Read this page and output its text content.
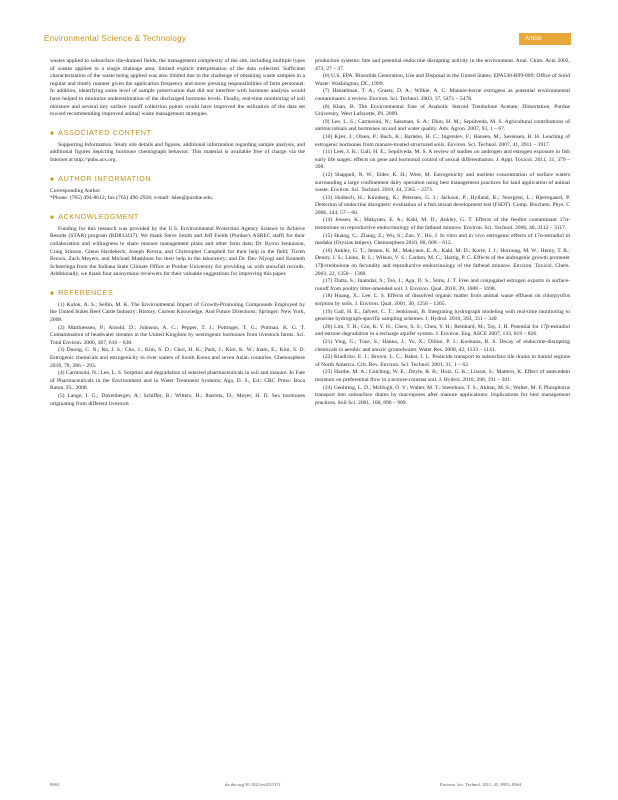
Environmental Science & Technology	Article

wastes applied to subsurface tile-drained fields, the management complexity of the site, including multiple types of wastes applied to a single drainage area, limited explicit interpretation of the data collected. Sufficient characterization of the waste being applied was also limited due to the challenge of obtaining waste samples in a regular and timely manner given the application frequency and more pressing responsibilities of farm personnel. In addition, identifying some level of sample preservation that did not interfere with hormone analysis would have helped to minimize underestimation of the discharged hormone levels. Finally, real-time monitoring of soil moisture and several key surface runoff collection points would have improved the utilization of the data set toward recommending improved animal waste management strategies.

■ ASSOCIATED CONTENT

Supporting Information. Study site details and figures, additional information regarding sample analysis, and additional figures depicting hormone chemograph behavior. This material is available free of charge via the Internet at http://pubs.acs.org.

■ AUTHOR INFORMATION

Corresponding Author

*Phone: (765) 494-8612; fax (765) 496-2926; e-mail: lslee@purdue.edu.

■ ACKNOWLEDGMENT

Funding for this research was provided by the U.S. Environmental Protection Agency Science to Achieve Results (STAR) program (RD833417). We thank Steve Smith and Jeff Fields (Purdue's ASREC staff) for their collaboration and willingness to share manure management plans and other farm data; Dr. Byron Jenkinson, Craig Stinson, Glenn Hardebeck, Joseph Rivera, and Christopher Campbell for their help in the field; Tizreh Brown, Zach Meyers, and Michael Mashbure for their help in the laboratory; and Dr. Dev Niyogi and Kenneth Scheeringa from the Indiana State Climate Office at Purdue University for providing us with snowfall records. Additionally, we thank four anonymous reviewers for their valuable suggestions for improving this paper.

■ REFERENCES

(1) Kolok, A. S.; Sellin, M. K. The Environmental Impact of Growth-Promoting Compounds Employed by the United States Beef Cattle Industry: History, Current Knowledge, And Future Directions; Springer: New York, 2008.

(2) Matthiessen, P.; Arnold, D.; Johnson, A. C.; Pepper, T. J.; Pottinger, T. G.; Pulman, K. G. T. Contamination of headwater streams in the United Kingdom by oestrogenic hormones from livestock farms. Sci. Total Environ. 2006, 367, 616 – 630.

(3) Duong, C. N.; Ra, J. S.; Cho, J.; Kim, S. D.; Choi, H. K.; Park, J.; Kim, K. W.; Inam, E.; Kim, S. D. Estrogenic chemicals and estrogenicity in river waters of South Korea and seven Asian countries. Chemosphere 2010, 78, 286 – 293.

(4) Carmosini, N.; Lee, L. S. Sorption and degradation of selected pharmaceuticals in soil and manure. In Fate of Pharmaceuticals in the Environment and in Water Treatment Systems; Aga, D. S., Ed.; CRC Press: Boca Raton, FL, 2008.

(5) Lange, I. G.; Daxenberger, A.; Schiffer, B.; Witters, H.; Ibarreta, D.; Meyer, H. D. Sex hormones originating from different livestock

production systems: fate and potential endocrine disrupting activity in the environment. Anal. Chim. Acta 2002, 473, 27 – 37.

(6) U.S. EPA. Biosolids Generation, Use and Disposal in the United States; EPA530-R99-009; Office of Solid Waste: Washington, DC, 1999.

(7) Hanselman, T. A.; Graetz, D. A.; Wilkie, A. C. Manure-borne estrogens as potential environmental contaminants: a review. Environ. Sci. Technol. 2003, 37, 5471 – 5478.

(8) Khan, B. The Environmental Fate of Anabolic Steroid Trenbolone Acetate; Dissertation, Purdue University, West Lafayette, IN, 2009.

(9) Lee, L. S.; Carmosini, N.; Sassman, S. A.; Dion, H. M.; Sepúlveda, M. S. Agricultural contributions of antimicrobials and hormones on soil and water quality. Adv. Agron. 2007, 93, 1 – 67.

(10) Kjær, J.; Olsen, P.; Bach, K.; Barlebo, H. C.; Ingerslev, F.; Hansen, M.; Sørensen, B. H. Leaching of estrogenic hormones from manure-treated structured soils. Environ. Sci. Technol. 2007, 41, 3911 – 3917.

(11) Leet, J. K.; Gall, H. E.; Sepúlveda, M. S. A review of studies on androgen and estrogen exposure in fish early life stages: effects on gene and hormonal control of sexual differentiation. J. Appl. Toxicol. 2011, 31, 379 – 398.

(12) Shappell, N. W.; Elder, K. H.; West, M. Estrogenicity and nutrient concentration of surface waters surrounding a large confinement dairy operation using best management practices for land application of animal waste. Environ. Sci. Technol. 2010, 44, 2365 – 2371.

(13) Holbech, H.; Kinnberg, K.; Petersen, G. I.; Jackson, P.; Hylland, K.; Norrgren, L.; Bjerregaard, P. Detection of endocrine disrupters: evaluation of a fish sexual development test (FSDT). Comp. Biochem. Phys. C 2006, 144, 57 – 66.

(14) Jensen, K.; Makynen, E. A.; Kahl, M. D.; Ankley, G. T. Effects of the feedlot contaminant 17α-trenbolone on reproductive endocrinology of the fathead minnow. Environ. Sci. Technol. 2006, 40, 3112 – 3117.

(15) Huang, C.; Zhang, Z.; Wu, S.; Zao, Y.; Hu, J. In vitro and in vivo estrogenic effects of 17α-estradiol in medaka (Oryzias latipes). Chemosphere 2010, 80, 608 – 612.

(16) Ankley, G. T.; Jensen, K. M.; Makynen, E. A.; Kahl, M. D.; Korte, J. J.; Hornung, M. W.; Henry, T. R.; Denny, J. S.; Leino, R. L.; Wilson, V. S.; Cardon, M. C.; Hartig, P. C. Effects of the androgenic growth promoter 17β-trenbolone on fecundity and reproductive endocrinology of the fathead minnow. Environ. Toxicol. Chem. 2003, 22, 1350 – 1360.

(17) Dutta, S.; Inamdar, S.; Tso, J.; Aga, D. S.; Sims, J. T. Free and conjugated estrogen exports in surface-runoff from poultry litter-amended soil. J. Environ. Qual. 2010, 39, 1688 – 1698.

(18) Huang, X.; Lee, L. S. Effects of dissolved organic matter from animal waste effluent on chlorpyrifos sorption by soils. J. Environ. Qual. 2001, 30, 1258 – 1265.

(19) Gall, H. E.; Jafvert, C. T.; Jenkinson, B. Integrating hydrograph modeling with real-time monitoring to generate hydrograph-specific sampling schemes. J. Hydrol. 2010, 393, 331 – 340.

(20) Lim, T. H.; Gin, K. Y. H.; Chew, S. S.; Chen, Y. H.; Reinhard, M.; Tay, J. H. Potential for 17β-estradiol and estrone degradation in a recharge aquifer system. J. Environ. Eng. ASCE 2007, 133, 819 – 826.

(21) Ying, G.; Toze, S.; Hanna, J.; Yu, X.; Dillon, P. J.; Kookana, R. S. Decay of endocrine-disrupting chemicals in aerobic and anoxic groundwater. Water Res. 2008, 42, 1133 – 1141.

(22) Kladivko, E. J.; Brown, L. C.; Baker, J. L. Pesticide transport to subsurface tile drains in humid regions of North America. Crit. Rev. Environ. Sci. Technol. 2001, 31, 1 – 62.

(23) Hardie, M. A.; Cotching, W. E.; Doyle, R. B.; Holz, G. K.; Lisson, S.; Mattern, K. Effect of antecedent moisture on preferential flow in a texture-contrast soil. J. Hydrol. 2010, 398, 191 – 201.

(24) Geohring, L. D.; McHugh, O. V.; Walter, M. T.; Steenhuis, T. S.; Akhtar, M. S.; Walter, M. F. Phosphorus transport into subsurface drains by macropores after manure applications: implications for best management practices. Soil Sci. 2001, 166, 896 – 909.

8963	dx.doi.org/10.1021/es201137f	Environ. Sci. Technol. 2011, 45, 8955–8964
